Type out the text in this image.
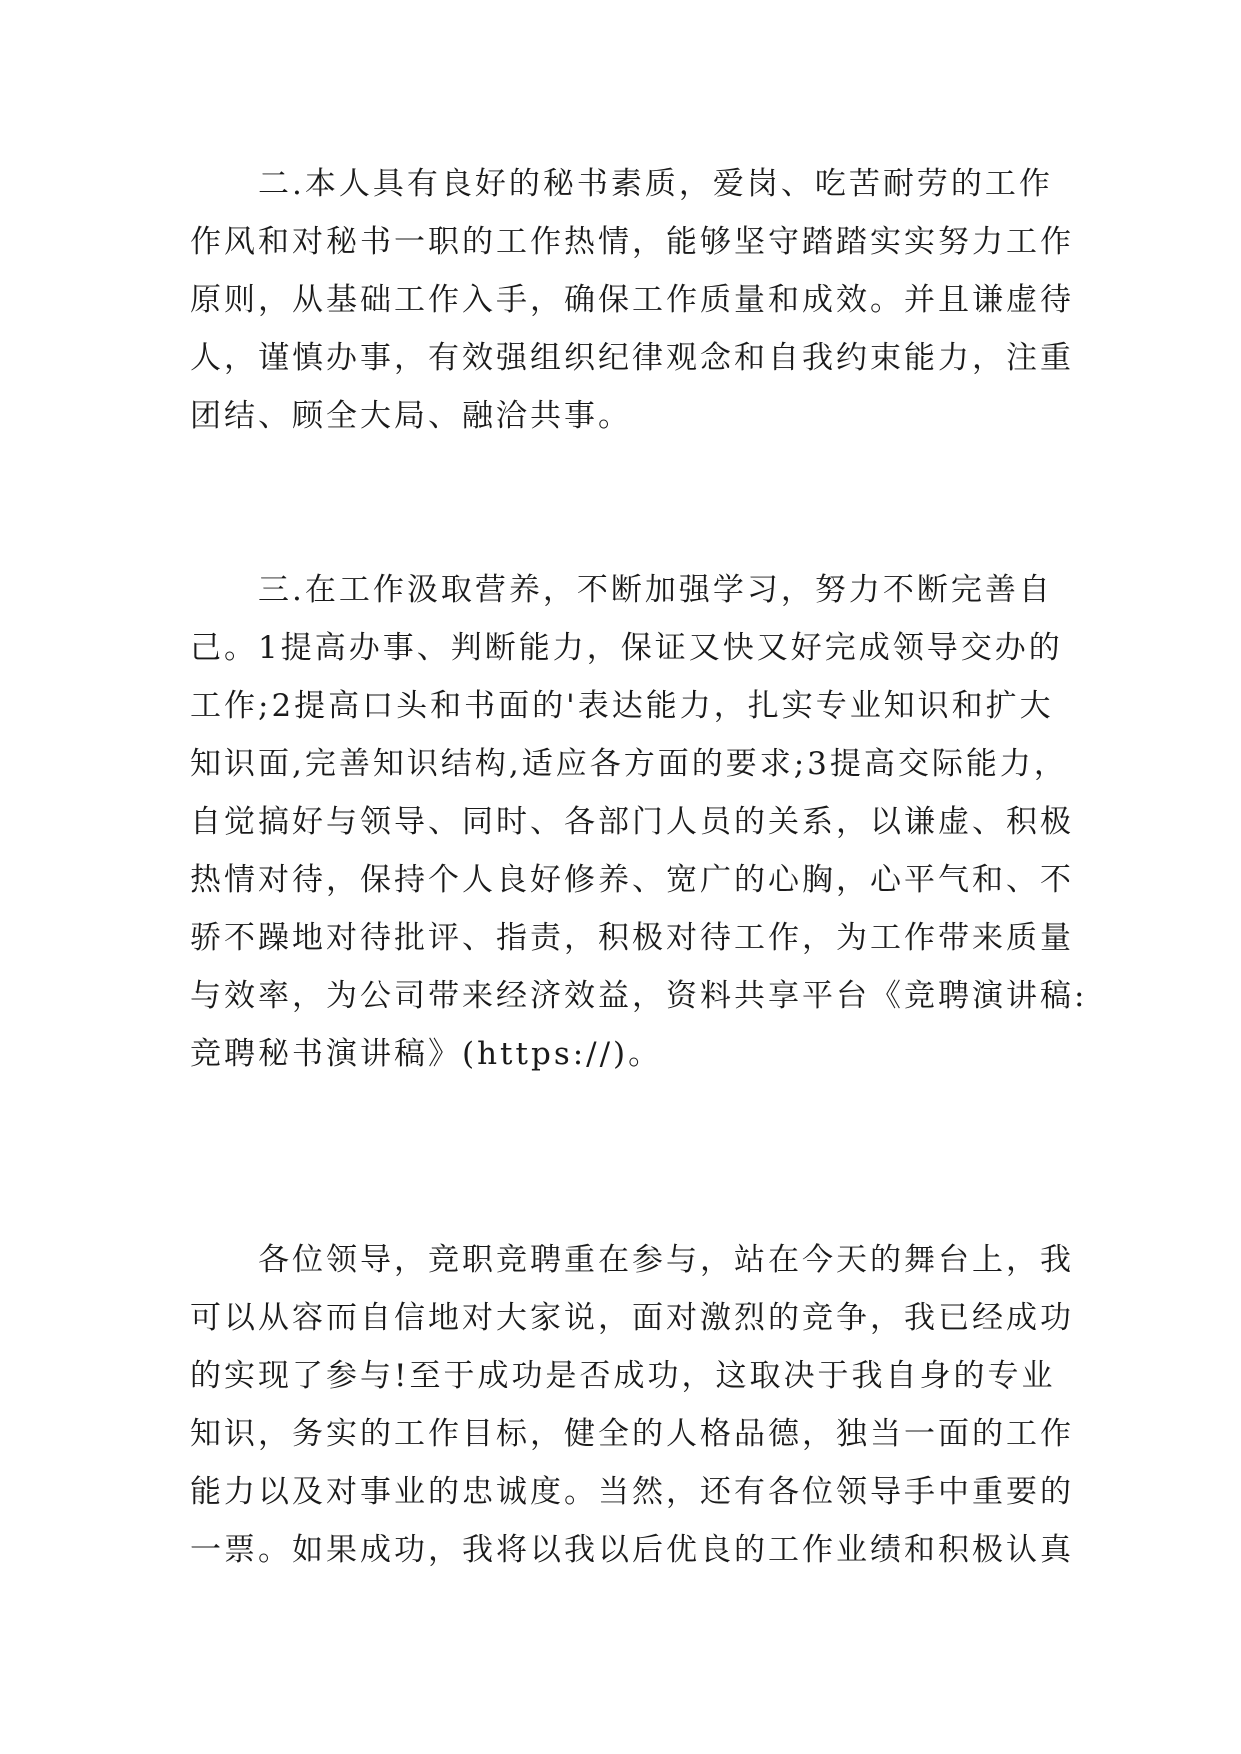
二.本人具有良好的秘书素质，爱岗、吃苦耐劳的工作
作风和对秘书一职的工作热情，能够坚守踏踏实实努力工作
原则，从基础工作入手，确保工作质量和成效。并且谦虚待
人，谨慎办事，有效强组织纪律观念和自我约束能力，注重
团结、顾全大局、融洽共事。
三.在工作汲取营养，不断加强学习，努力不断完善自
己。1提高办事、判断能力，保证又快又好完成领导交办的
工作;2提高口头和书面的'表达能力，扎实专业知识和扩大
知识面,完善知识结构,适应各方面的要求;3提高交际能力，
自觉搞好与领导、同时、各部门人员的关系，以谦虚、积极
热情对待，保持个人良好修养、宽广的心胸，心平气和、不
骄不躁地对待批评、指责，积极对待工作，为工作带来质量
与效率，为公司带来经济效益，资料共享平台《竞聘演讲稿:
竞聘秘书演讲稿》(https://)。
各位领导，竞职竞聘重在参与，站在今天的舞台上，我
可以从容而自信地对大家说，面对激烈的竞争，我已经成功
的实现了参与!至于成功是否成功，这取决于我自身的专业
知识，务实的工作目标，健全的人格品德，独当一面的工作
能力以及对事业的忠诚度。当然，还有各位领导手中重要的
一票。如果成功，我将以我以后优良的工作业绩和积极认真
